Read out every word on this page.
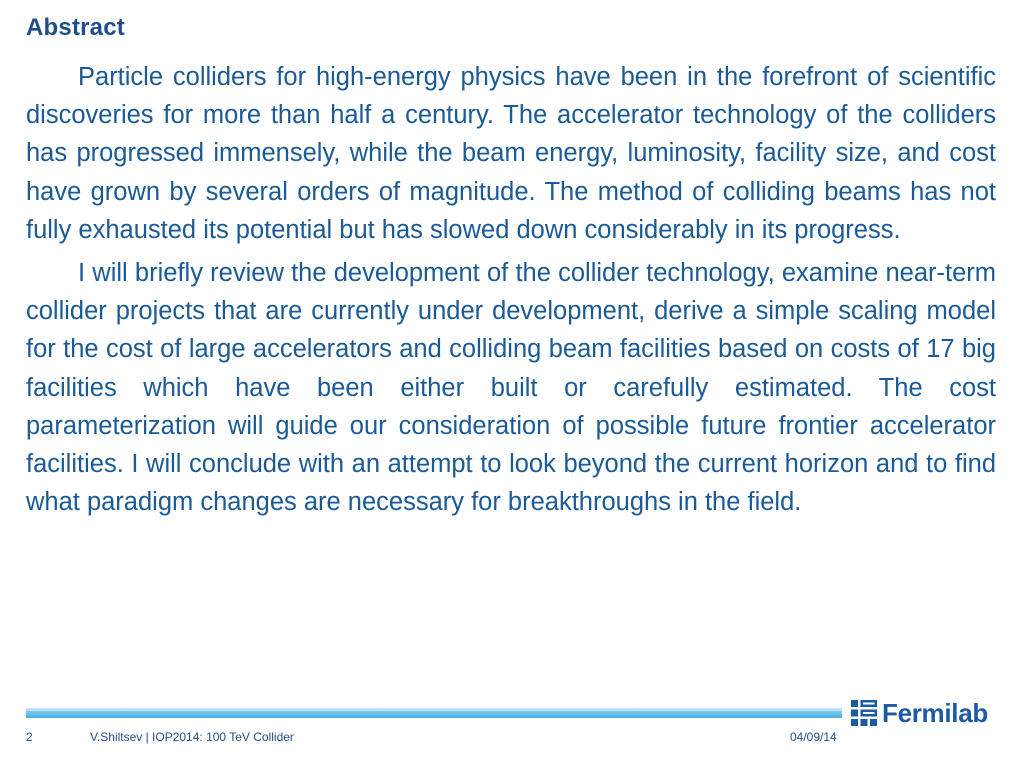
Abstract

Particle colliders for high-energy physics have been in the forefront of scientific discoveries for more than half a century. The accelerator technology of the colliders has progressed immensely, while the beam energy, luminosity, facility size, and cost have grown by several orders of magnitude. The method of colliding beams has not fully exhausted its potential but has slowed down considerably in its progress.

I will briefly review the development of the collider technology, examine near-term collider projects that are currently under development, derive a simple scaling model for the cost of large accelerators and colliding beam facilities based on costs of 17 big facilities which have been either built or carefully estimated. The cost parameterization will guide our consideration of possible future frontier accelerator facilities. I will conclude with an attempt to look beyond the current horizon and to find what paradigm changes are necessary for breakthroughs in the field.

Fermilab
2	V.Shiltsev | IOP2014: 100 TeV Collider	04/09/14
